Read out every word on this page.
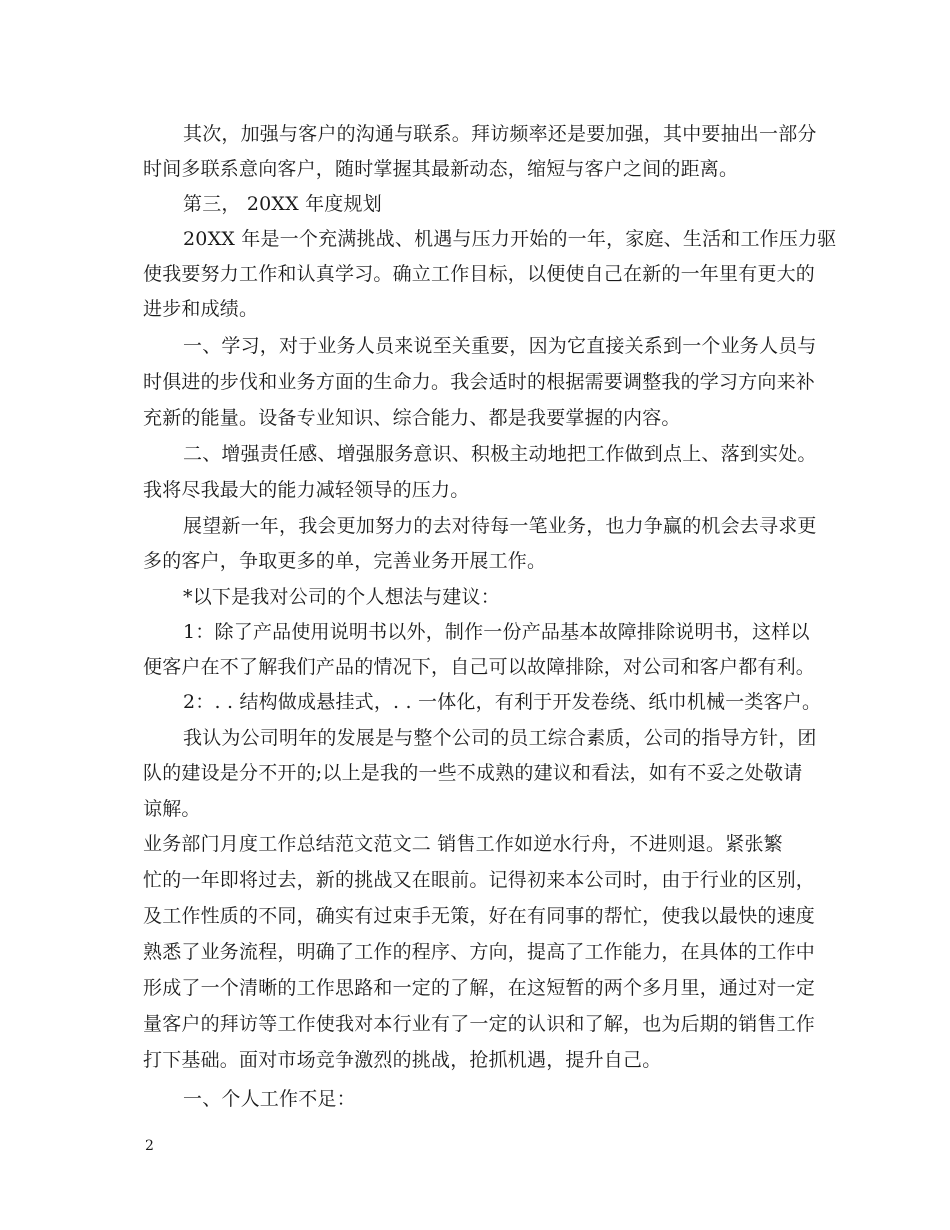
其次，加强与客户的沟通与联系。拜访频率还是要加强，其中要抽出一部分
时间多联系意向客户，随时掌握其最新动态，缩短与客户之间的距离。
第三， 20XX 年度规划
20XX 年是一个充满挑战、机遇与压力开始的一年，家庭、生活和工作压力驱
使我要努力工作和认真学习。确立工作目标，以便使自己在新的一年里有更大的
进步和成绩。
一、学习，对于业务人员来说至关重要，因为它直接关系到一个业务人员与
时俱进的步伐和业务方面的生命力。我会适时的根据需要调整我的学习方向来补
充新的能量。设备专业知识、综合能力、都是我要掌握的内容。
二、增强责任感、增强服务意识、积极主动地把工作做到点上、落到实处。
我将尽我最大的能力减轻领导的压力。
展望新一年，我会更加努力的去对待每一笔业务，也力争赢的机会去寻求更
多的客户，争取更多的单，完善业务开展工作。
*以下是我对公司的个人想法与建议：
1：除了产品使用说明书以外，制作一份产品基本故障排除说明书，这样以
便客户在不了解我们产品的情况下，自己可以故障排除，对公司和客户都有利。
2：. . 结构做成悬挂式，. . 一体化，有利于开发卷绕、纸巾机械一类客户。
我认为公司明年的发展是与整个公司的员工综合素质，公司的指导方针，团
队的建设是分不开的;以上是我的一些不成熟的建议和看法，如有不妥之处敬请
谅解。
业务部门月度工作总结范文范文二 销售工作如逆水行舟，不进则退。紧张繁
忙的一年即将过去，新的挑战又在眼前。记得初来本公司时，由于行业的区别，
及工作性质的不同，确实有过束手无策，好在有同事的帮忙，使我以最快的速度
熟悉了业务流程，明确了工作的程序、方向，提高了工作能力，在具体的工作中
形成了一个清晰的工作思路和一定的了解，在这短暂的两个多月里，通过对一定
量客户的拜访等工作使我对本行业有了一定的认识和了解，也为后期的销售工作
打下基础。面对市场竞争激烈的挑战，抢抓机遇，提升自己。
一、个人工作不足：
2
